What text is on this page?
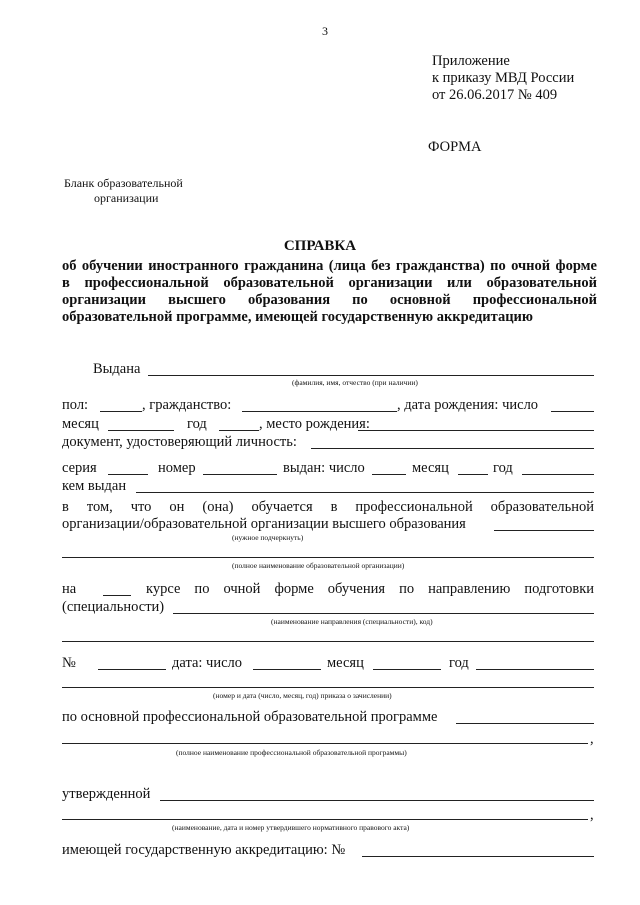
3
Приложение
к приказу МВД России
от 26.06.2017 № 409
ФОРМА
Бланк образовательной
организации
СПРАВКА
об обучении иностранного гражданина (лица без гражданства) по очной форме
в профессиональной образовательной организации или образовательной
организации высшего образования по основной профессиональной
образовательной программе, имеющей государственную аккредитацию
Выдана
(фамилия, имя, отчество (при наличии)
пол:	, гражданство:	, дата рождения: число
месяц	год	, место рождения:
документ, удостоверяющий личность:
серия	номер	выдан: число	месяц	год
кем выдан
в том, что он (она) обучается в профессиональной образовательной
организации/образовательной организации высшего образования
(нужное подчеркнуть)
(полное наименование образовательной организации)
на	курсе по очной форме обучения по направлению подготовки
(специальности)
(наименование направления (специальности), код)
№	дата: число	месяц	год
(номер и дата (число, месяц, год) приказа о зачислении)
по основной профессиональной образовательной программе
,
(полное наименование профессиональной образовательной программы)
утвержденной
,
(наименование, дата и номер утвердившего нормативного правового акта)
имеющей государственную аккредитацию: №
